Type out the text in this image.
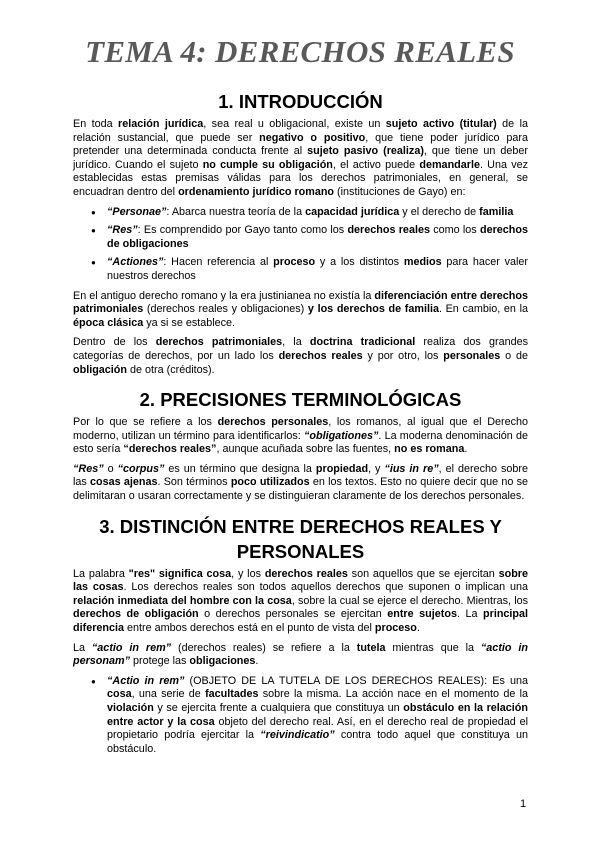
TEMA 4: DERECHOS REALES
1. INTRODUCCIÓN

En toda relación jurídica, sea real u obligacional, existe un sujeto activo (titular) de la relación sustancial, que puede ser negativo o positivo, que tiene poder jurídico para pretender una determinada conducta frente al sujeto pasivo (realiza), que tiene un deber jurídico. Cuando el sujeto no cumple su obligación, el activo puede demandarle. Una vez establecidas estas premisas válidas para los derechos patrimoniales, en general, se encuadran dentro del ordenamiento jurídico romano (instituciones de Gayo) en:

● “Personae”: Abarca nuestra teoría de la capacidad jurídica y el derecho de familia
● “Res”: Es comprendido por Gayo tanto como los derechos reales como los derechos de obligaciones
● “Actiones”: Hacen referencia al proceso y a los distintos medios para hacer valer nuestros derechos

En el antiguo derecho romano y la era justinianea no existía la diferenciación entre derechos patrimoniales (derechos reales y obligaciones) y los derechos de familia. En cambio, en la época clásica ya si se establece.

Dentro de los derechos patrimoniales, la doctrina tradicional realiza dos grandes categorías de derechos, por un lado los derechos reales y por otro, los personales o de obligación de otra (créditos).

2. PRECISIONES TERMINOLÓGICAS

Por lo que se refiere a los derechos personales, los romanos, al igual que el Derecho moderno, utilizan un término para identificarlos: “obligationes”. La moderna denominación de esto sería “derechos reales”, aunque acuñada sobre las fuentes, no es romana.

“Res” o “corpus” es un término que designa la propiedad, y “ius in re”, el derecho sobre las cosas ajenas. Son términos poco utilizados en los textos. Esto no quiere decir que no se delimitaran o usaran correctamente y se distinguieran claramente de los derechos personales.

3. DISTINCIÓN ENTRE DERECHOS REALES Y PERSONALES

La palabra "res" significa cosa, y los derechos reales son aquellos que se ejercitan sobre las cosas. Los derechos reales son todos aquellos derechos que suponen o implican una relación inmediata del hombre con la cosa, sobre la cual se ejerce el derecho. Mientras, los derechos de obligación o derechos personales se ejercitan entre sujetos. La principal diferencia entre ambos derechos está en el punto de vista del proceso.

La “actio in rem” (derechos reales) se refiere a la tutela mientras que la “actio in personam” protege las obligaciones.

● “Actio in rem” (OBJETO DE LA TUTELA DE LOS DERECHOS REALES): Es una cosa, una serie de facultades sobre la misma. La acción nace en el momento de la violación y se ejercita frente a cualquiera que constituya un obstáculo en la relación entre actor y la cosa objeto del derecho real. Así, en el derecho real de propiedad el propietario podría ejercitar la “reivindicatio” contra todo aquel que constituya un obstáculo.
1
